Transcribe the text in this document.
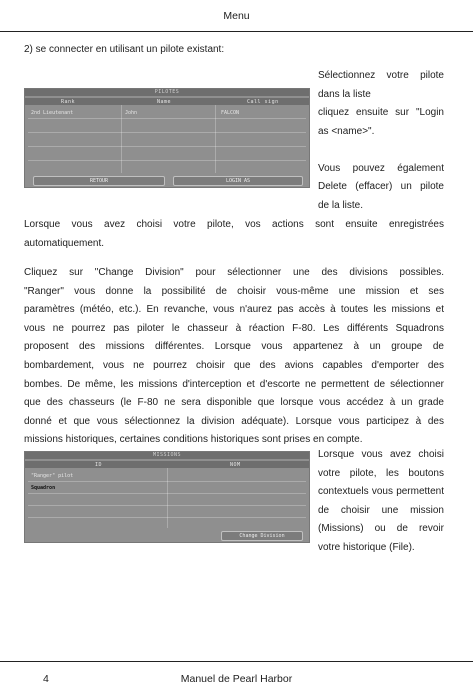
Menu

2) se connecter en utilisant un pilote existant:

PILOTES
Rank	Name	Call sign
2nd Lieutenant	John	FALCON
RETOUR	LOGIN AS
Sélectionnez votre pilote
dans la liste
cliquez ensuite sur "Login
as <name>".
Vous pouvez également
Delete (effacer) un pilote
de la liste.
Lorsque vous avez choisi votre pilote, vos actions sont ensuite enregistrées
automatiquement.
Cliquez sur "Change Division" pour sélectionner une des divisions possibles.
"Ranger" vous donne la possibilité de choisir vous-même une mission et ses
paramètres (météo, etc.). En revanche, vous n'aurez pas accès à toutes les missions et
vous ne pourrez pas piloter le chasseur à réaction F-80. Les différents Squadrons
proposent des missions différentes. Lorsque vous appartenez à un groupe de
bombardement, vous ne pourrez choisir que des avions capables d'emporter des
bombes. De même, les missions d'interception et d'escorte ne permettent de sélectionner
que des chasseurs (le F-80 ne sera disponible que lorsque vous accédez à un grade
donné et que vous sélectionnez la division adéquate). Lorsque vous participez à des
missions historiques, certaines conditions historiques sont prises en compte.
MISSIONS
ID	NOM
"Ranger" pilot
Squadron
Change Division
Lorsque vous avez choisi
votre pilote, les boutons
contextuels vous permettent
de choisir une mission
(Missions) ou de revoir
votre historique (File).
Manuel de Pearl Harbor
4
